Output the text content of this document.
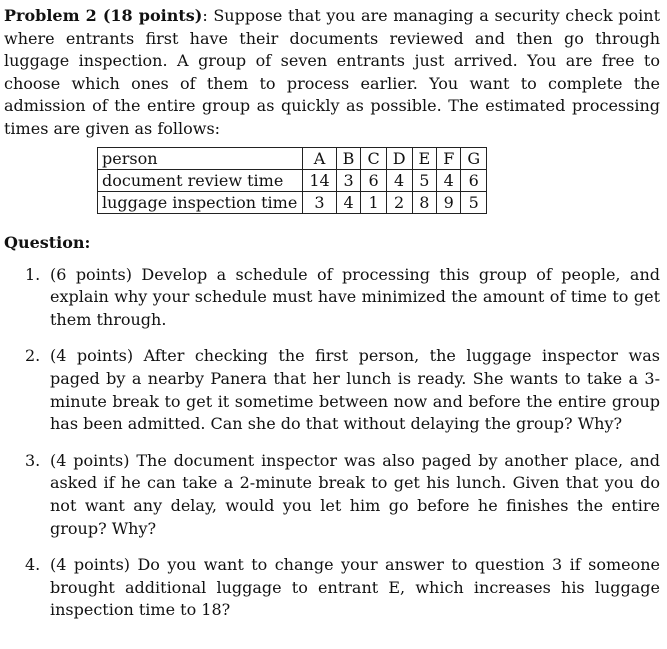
Problem 2 (18 points): Suppose that you are managing a security check point where entrants first have their documents reviewed and then go through luggage inspection. A group of seven entrants just arrived. You are free to choose which ones of them to process earlier. You want to complete the admission of the entire group as quickly as possible. The estimated processing times are given as follows:

person	A	B	C	D	E	F	G
document review time	14	3	6	4	5	4	6
luggage inspection time	3	4	1	2	8	9	5
Question:
1. (6 points) Develop a schedule of processing this group of people, and explain why your schedule must have minimized the amount of time to get them through.
2. (4 points) After checking the first person, the luggage inspector was paged by a nearby Panera that her lunch is ready. She wants to take a 3-minute break to get it sometime between now and before the entire group has been admitted. Can she do that without delaying the group? Why?
3. (4 points) The document inspector was also paged by another place, and asked if he can take a 2-minute break to get his lunch. Given that you do not want any delay, would you let him go before he finishes the entire group? Why?
4. (4 points) Do you want to change your answer to question 3 if someone brought additional luggage to entrant E, which increases his luggage inspection time to 18?
